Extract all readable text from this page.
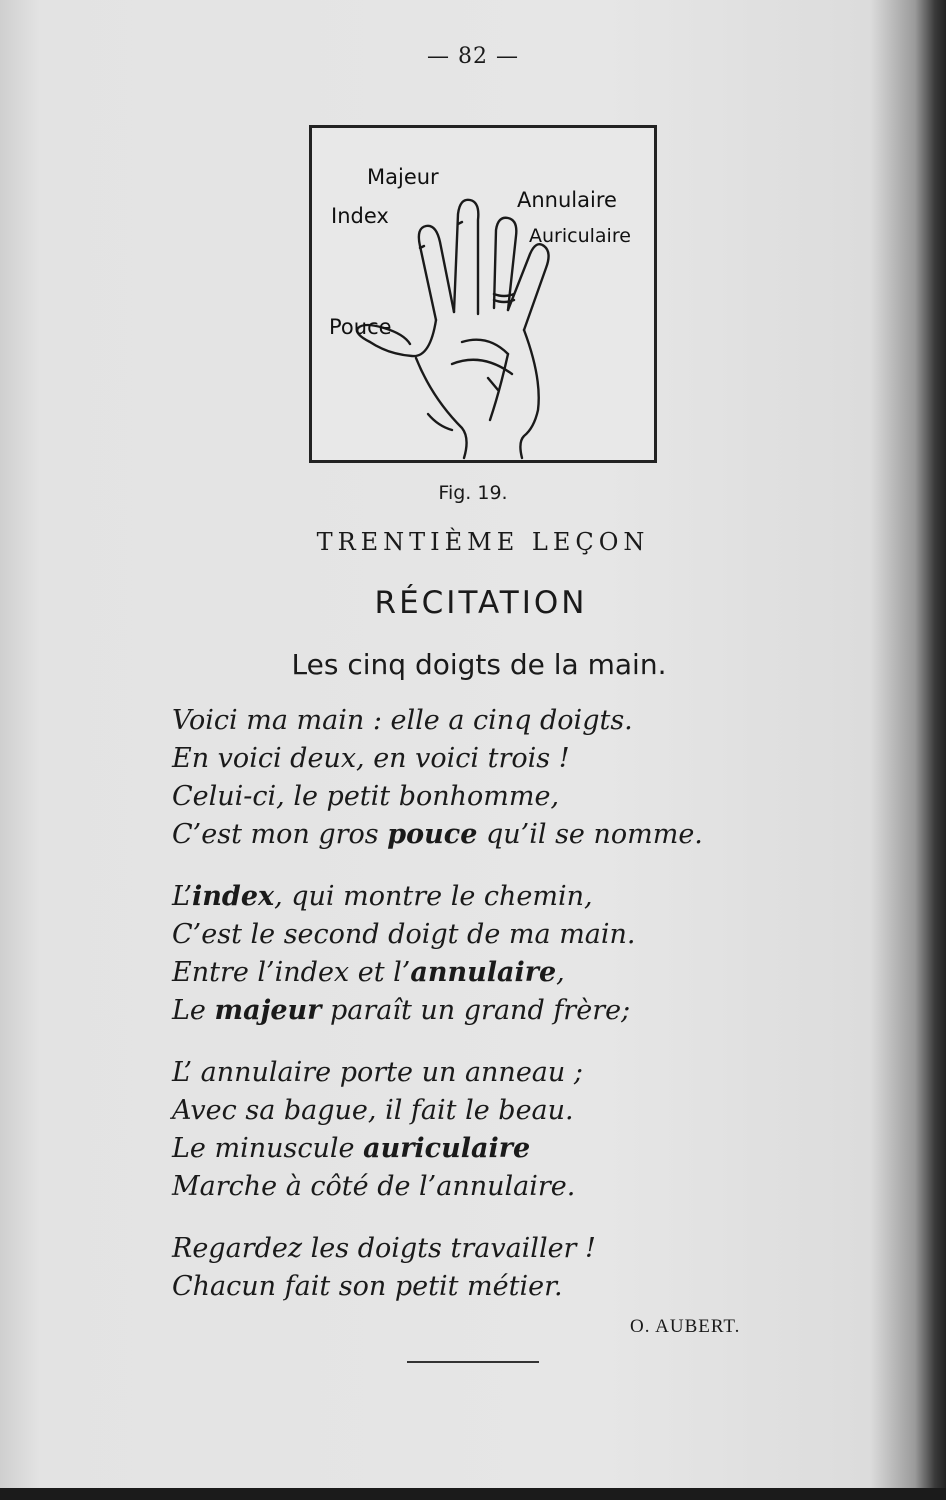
— 82 —
Majeur
Index
Annulaire
Auriculaire
Pouce
Fig. 19.
TRENTIÈME LEÇON
RÉCITATION
Les cinq doigts de la main.
Voici ma main : elle a cinq doigts.
En voici deux, en voici trois !
Celui-ci, le petit bonhomme,
C’est mon gros pouce qu’il se nomme.
L’index, qui montre le chemin,
C’est le second doigt de ma main.
Entre l’index et l’annulaire,
Le majeur paraît un grand frère;
L’ annulaire porte un anneau ;
Avec sa bague, il fait le beau.
Le minuscule auriculaire
Marche à côté de l’annulaire.
Regardez les doigts travailler !
Chacun fait son petit métier.
O. AUBERT.
